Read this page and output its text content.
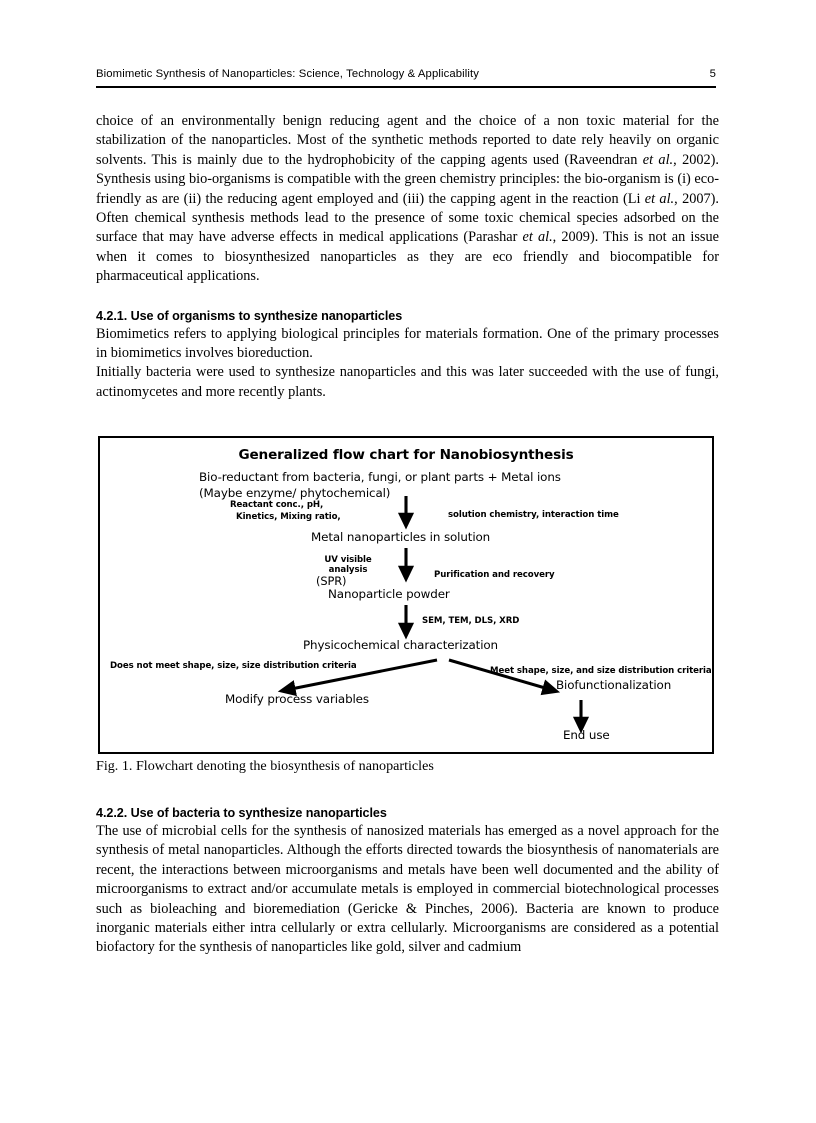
Biomimetic Synthesis of Nanoparticles: Science, Technology & Applicability	5

choice of an environmentally benign reducing agent and the choice of a non toxic material for the stabilization of the nanoparticles. Most of the synthetic methods reported to date rely heavily on organic solvents. This is mainly due to the hydrophobicity of the capping agents used (Raveendran et al., 2002). Synthesis using bio-organisms is compatible with the green chemistry principles: the bio-organism is (i) eco-friendly as are (ii) the reducing agent employed and (iii) the capping agent in the reaction (Li et al., 2007). Often chemical synthesis methods lead to the presence of some toxic chemical species adsorbed on the surface that may have adverse effects in medical applications (Parashar et al., 2009). This is not an issue when it comes to biosynthesized nanoparticles as they are eco friendly and biocompatible for pharmaceutical applications.

4.2.1. Use of organisms to synthesize nanoparticles

Biomimetics refers to applying biological principles for materials formation. One of the primary processes in biomimetics involves bioreduction.

Initially bacteria were used to synthesize nanoparticles and this was later succeeded with the use of fungi, actinomycetes and more recently plants.

Generalized flow chart for Nanobiosynthesis
Bio-reductant from bacteria, fungi, or plant parts + Metal ions
(Maybe enzyme/ phytochemical)
Reactant conc., pH,
Kinetics, Mixing ratio,	solution chemistry, interaction time
Metal nanoparticles in solution
UV visible
analysis
(SPR)	Purification and recovery
Nanoparticle powder
SEM, TEM, DLS, XRD
Physicochemical characterization
Does not meet shape, size, size distribution criteria	Meet shape, size, and size distribution criteria
Modify process variables
Biofunctionalization
End use
Fig. 1. Flowchart denoting the biosynthesis of nanoparticles
4.2.2. Use of bacteria to synthesize nanoparticles

The use of microbial cells for the synthesis of nanosized materials has emerged as a novel approach for the synthesis of metal nanoparticles. Although the efforts directed towards the biosynthesis of nanomaterials are recent, the interactions between microorganisms and metals have been well documented and the ability of microorganisms to extract and/or accumulate metals is employed in commercial biotechnological processes such as bioleaching and bioremediation (Gericke & Pinches, 2006). Bacteria are known to produce inorganic materials either intra cellularly or extra cellularly. Microorganisms are considered as a potential biofactory for the synthesis of nanoparticles like gold, silver and cadmium
